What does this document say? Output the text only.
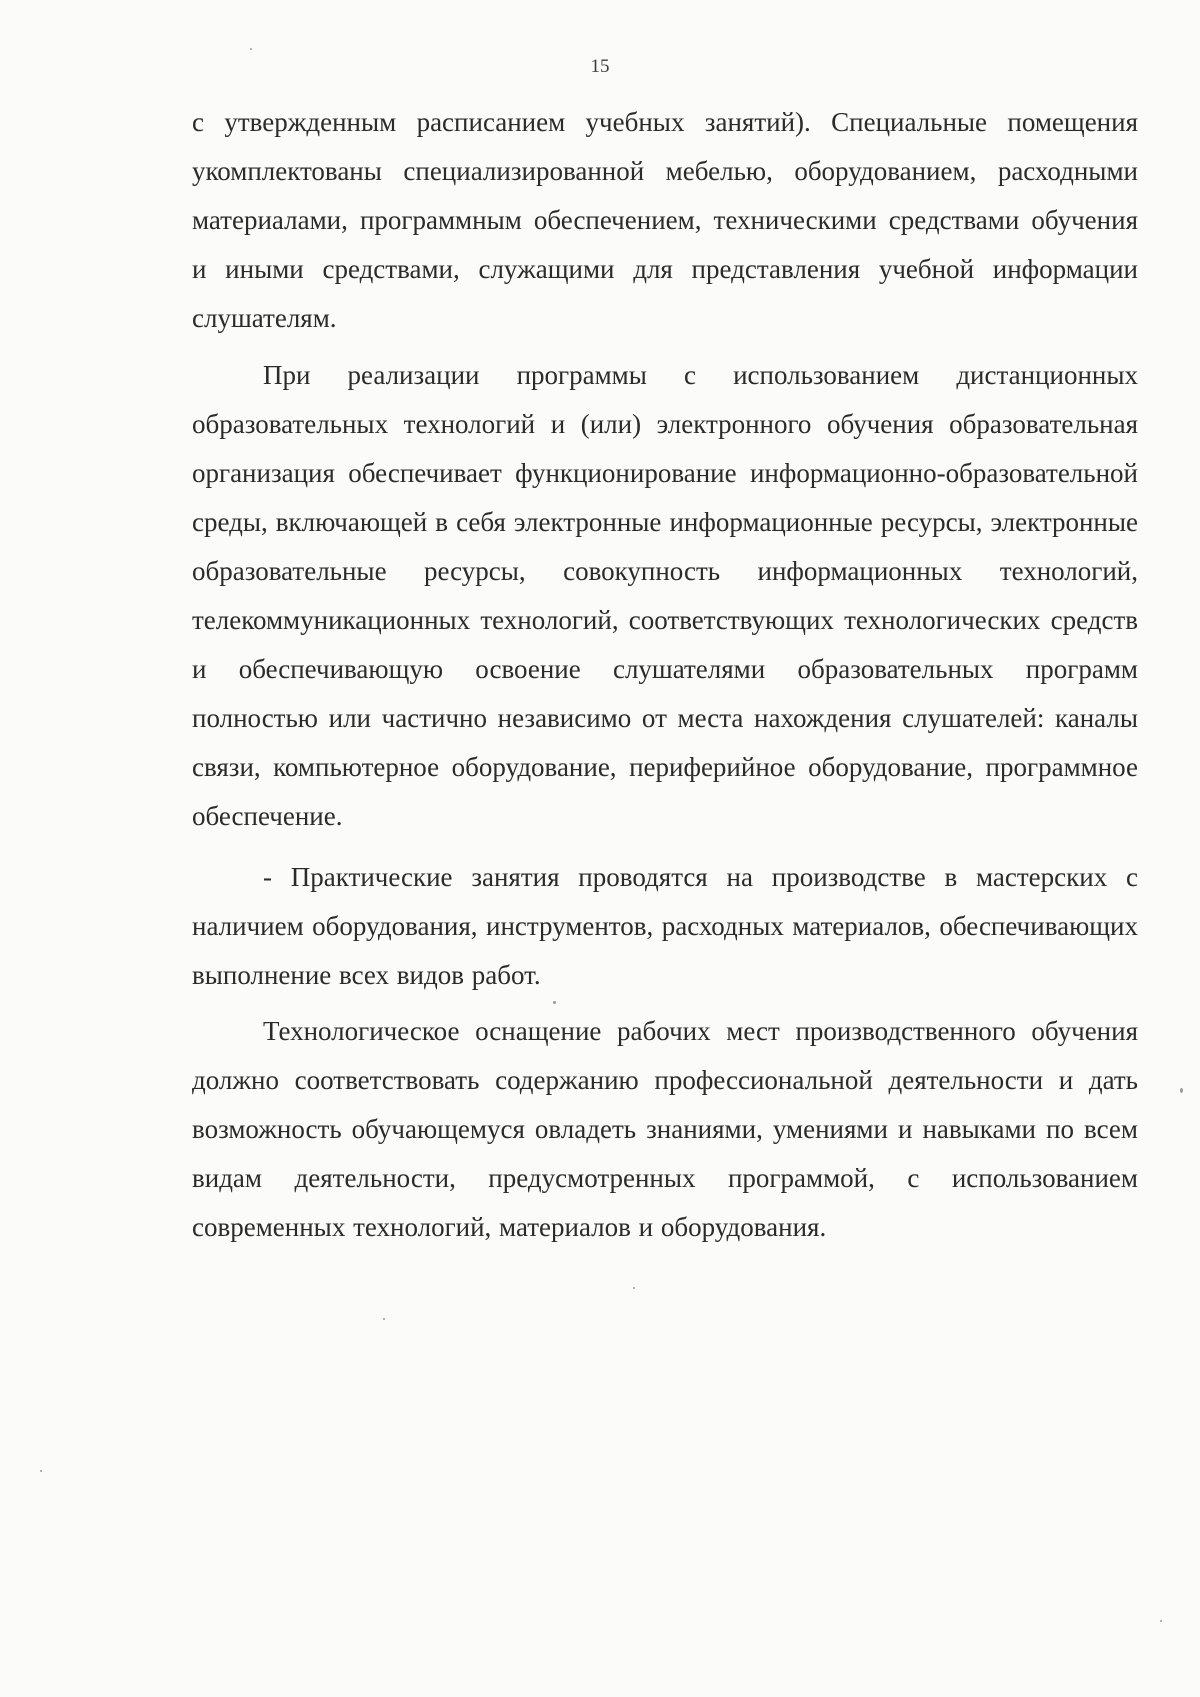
15

с утвержденным расписанием учебных занятий). Специальные помещения укомплектованы специализированной мебелью, оборудованием, расходными материалами, программным обеспечением, техническими средствами обучения и иными средствами, служащими для представления учебной информации слушателям.

При реализации программы с использованием дистанционных образовательных технологий и (или) электронного обучения образовательная организация обеспечивает функционирование информационно-образовательной среды, включающей в себя электронные информационные ресурсы, электронные образовательные ресурсы, совокупность информационных технологий, телекоммуникационных технологий, соответствующих технологических средств и обеспечивающую освоение слушателями образовательных программ полностью или частично независимо от места нахождения слушателей: каналы связи, компьютерное оборудование, периферийное оборудование, программное обеспечение.

- Практические занятия проводятся на производстве в мастерских с наличием оборудования, инструментов, расходных материалов, обеспечивающих выполнение всех видов работ.

Технологическое оснащение рабочих мест производственного обучения должно соответствовать содержанию профессиональной деятельности и дать возможность обучающемуся овладеть знаниями, умениями и навыками по всем видам деятельности, предусмотренных программой, с использованием современных технологий, материалов и оборудования.
